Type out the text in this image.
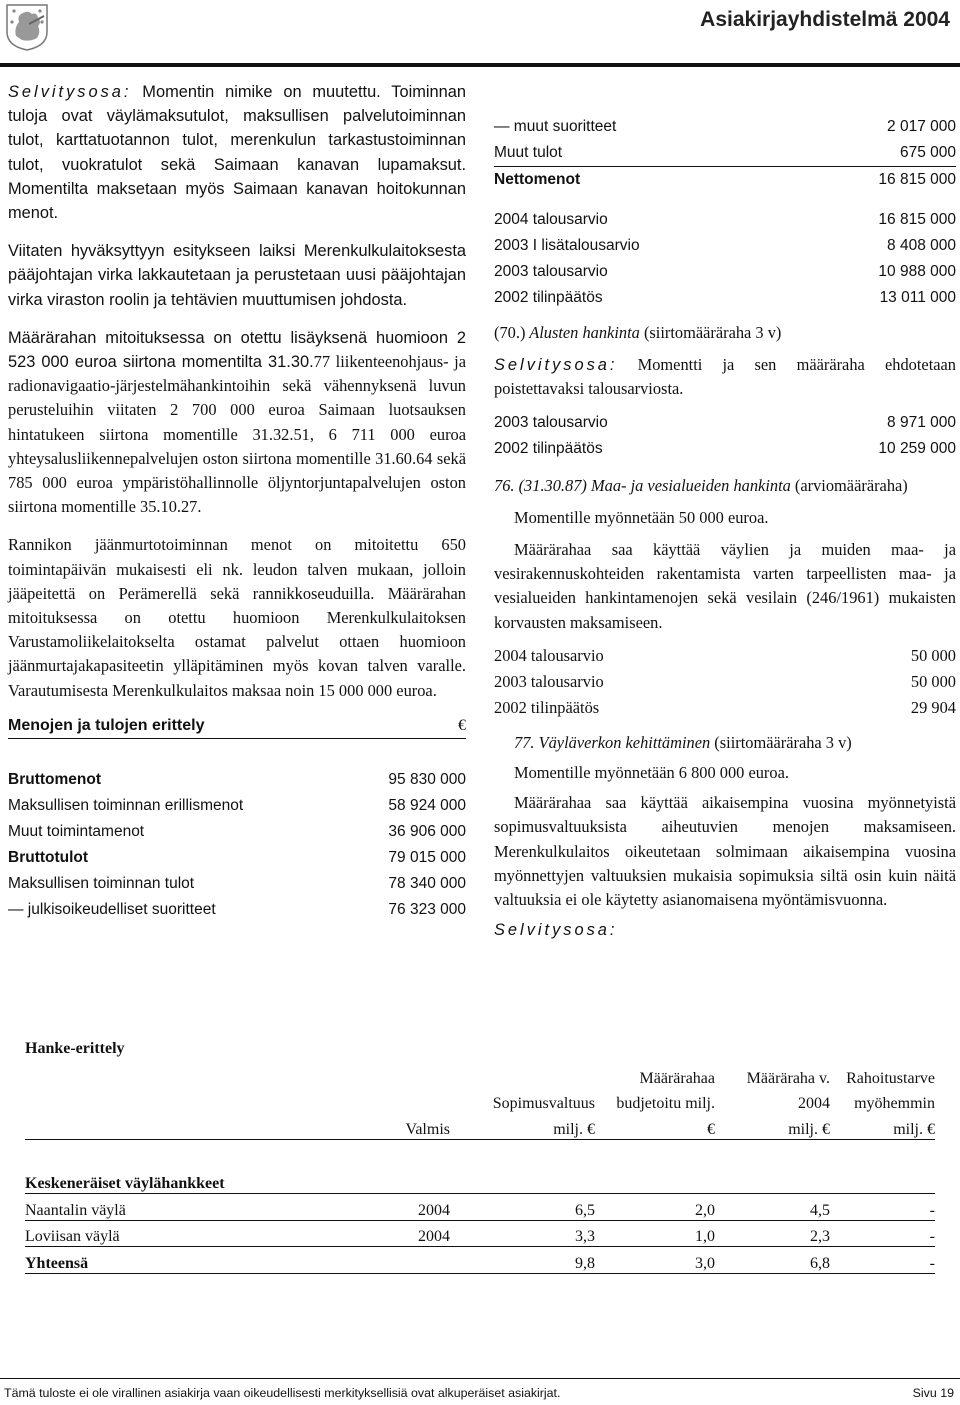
Asiakirjayhdistelmä 2004

Selvitysosa: Momentin nimike on muutettu. Toiminnan tuloja ovat väylämaksutulot, maksullisen palvelutoiminnan tulot, karttatuotannon tulot, merenkulun tarkastustoiminnan tulot, vuokratulot sekä Saimaan kanavan lupamaksut. Momentilta maksetaan myös Saimaan kanavan hoitokunnan menot.

Viitaten hyväksyttyyn esitykseen laiksi Merenkulkulaitoksesta pääjohtajan virka lakkautetaan ja perustetaan uusi pääjohtajan virka viraston roolin ja tehtävien muuttumisen johdosta.

Määrärahan mitoituksessa on otettu lisäyksenä huomioon 2 523 000 euroa siirtona momentilta 31.30.77 liikenteenohjaus- ja radionavigaatio-järjestelmähankintoihin sekä vähennyksenä luvun perusteluihin viitaten 2 700 000 euroa Saimaan luotsauksen hintatukeen siirtona momentille 31.32.51, 6 711 000 euroa yhteysalusliikennepalvelujen oston siirtona momentille 31.60.64 sekä 785 000 euroa ympäristöhallinnolle öljyntorjuntapalvelujen oston siirtona momentille 35.10.27.

Rannikon jäänmurtotoiminnan menot on mitoitettu 650 toimintapäivän mukaisesti eli nk. leudon talven mukaan, jolloin jääpeitettä on Perämerellä sekä rannikkoseuduilla. Määrärahan mitoituksessa on otettu huomioon Merenkulkulaitoksen Varustamoliikelaitokselta ostamat palvelut ottaen huomioon jäänmurtajakapasiteetin ylläpitäminen myös kovan talven varalle. Varautumisesta Merenkulkulaitos maksaa noin 15 000 000 euroa.

Menojen ja tulojen erittely	€
Bruttomenot	95 830 000
Maksullisen toiminnan erillismenot	58 924 000
Muut toimintamenot	36 906 000
Bruttotulot	79 015 000
Maksullisen toiminnan tulot	78 340 000
— julkisoikeudelliset suoritteet	76 323 000
— muut suoritteet	2 017 000
Muut tulot	675 000
Nettomenot	16 815 000
2004 talousarvio	16 815 000
2003 I lisätalousarvio	8 408 000
2003 talousarvio	10 988 000
2002 tilinpäätös	13 011 000

(70.) Alusten hankinta (siirtomääräraha 3 v)

Selvitysosa: Momentti ja sen määräraha ehdotetaan poistettavaksi talousarviosta.

2003 talousarvio	8 971 000
2002 tilinpäätös	10 259 000

76. (31.30.87) Maa- ja vesialueiden hankinta (arviomääräraha)

Momentille myönnetään 50 000 euroa.

Määrärahaa saa käyttää väylien ja muiden maa- ja vesirakennuskohteiden rakentamista varten tarpeellisten maa- ja vesialueiden hankintamenojen sekä vesilain (246/1961) mukaisten korvausten maksamiseen.

2004 talousarvio	50 000
2003 talousarvio	50 000
2002 tilinpäätös	29 904

77. Väyläverkon kehittäminen (siirtomääräraha 3 v)

Momentille myönnetään 6 800 000 euroa.

Määrärahaa saa käyttää aikaisempina vuosina myönnetyistä sopimusvaltuuksista aiheutuvien menojen maksamiseen. Merenkulkulaitos oikeutetaan solmimaan aikaisempina vuosina myönnettyjen valtuuksien mukaisia sopimuksia siltä osin kuin näitä valtuuksia ei ole käytetty asianomaisena myöntämisvuonna.

Selvitysosa:

Hanke-erittely
			Määrärahaa	Määräraha v.	Rahoitustarve
		Sopimusvaltuus	budjetoitu milj.	2004	myöhemmin
	Valmis	milj. €	€	milj. €	milj. €

Keskeneräiset väylähankkeet					
Naantalin väylä	2004	6,5	2,0	4,5	-
Loviisan väylä	2004	3,3	1,0	2,3	-
Yhteensä		9,8	3,0	6,8	-
Tämä tuloste ei ole virallinen asiakirja vaan oikeudellisesti merkityksellisiä ovat alkuperäiset asiakirjat.	Sivu 19
